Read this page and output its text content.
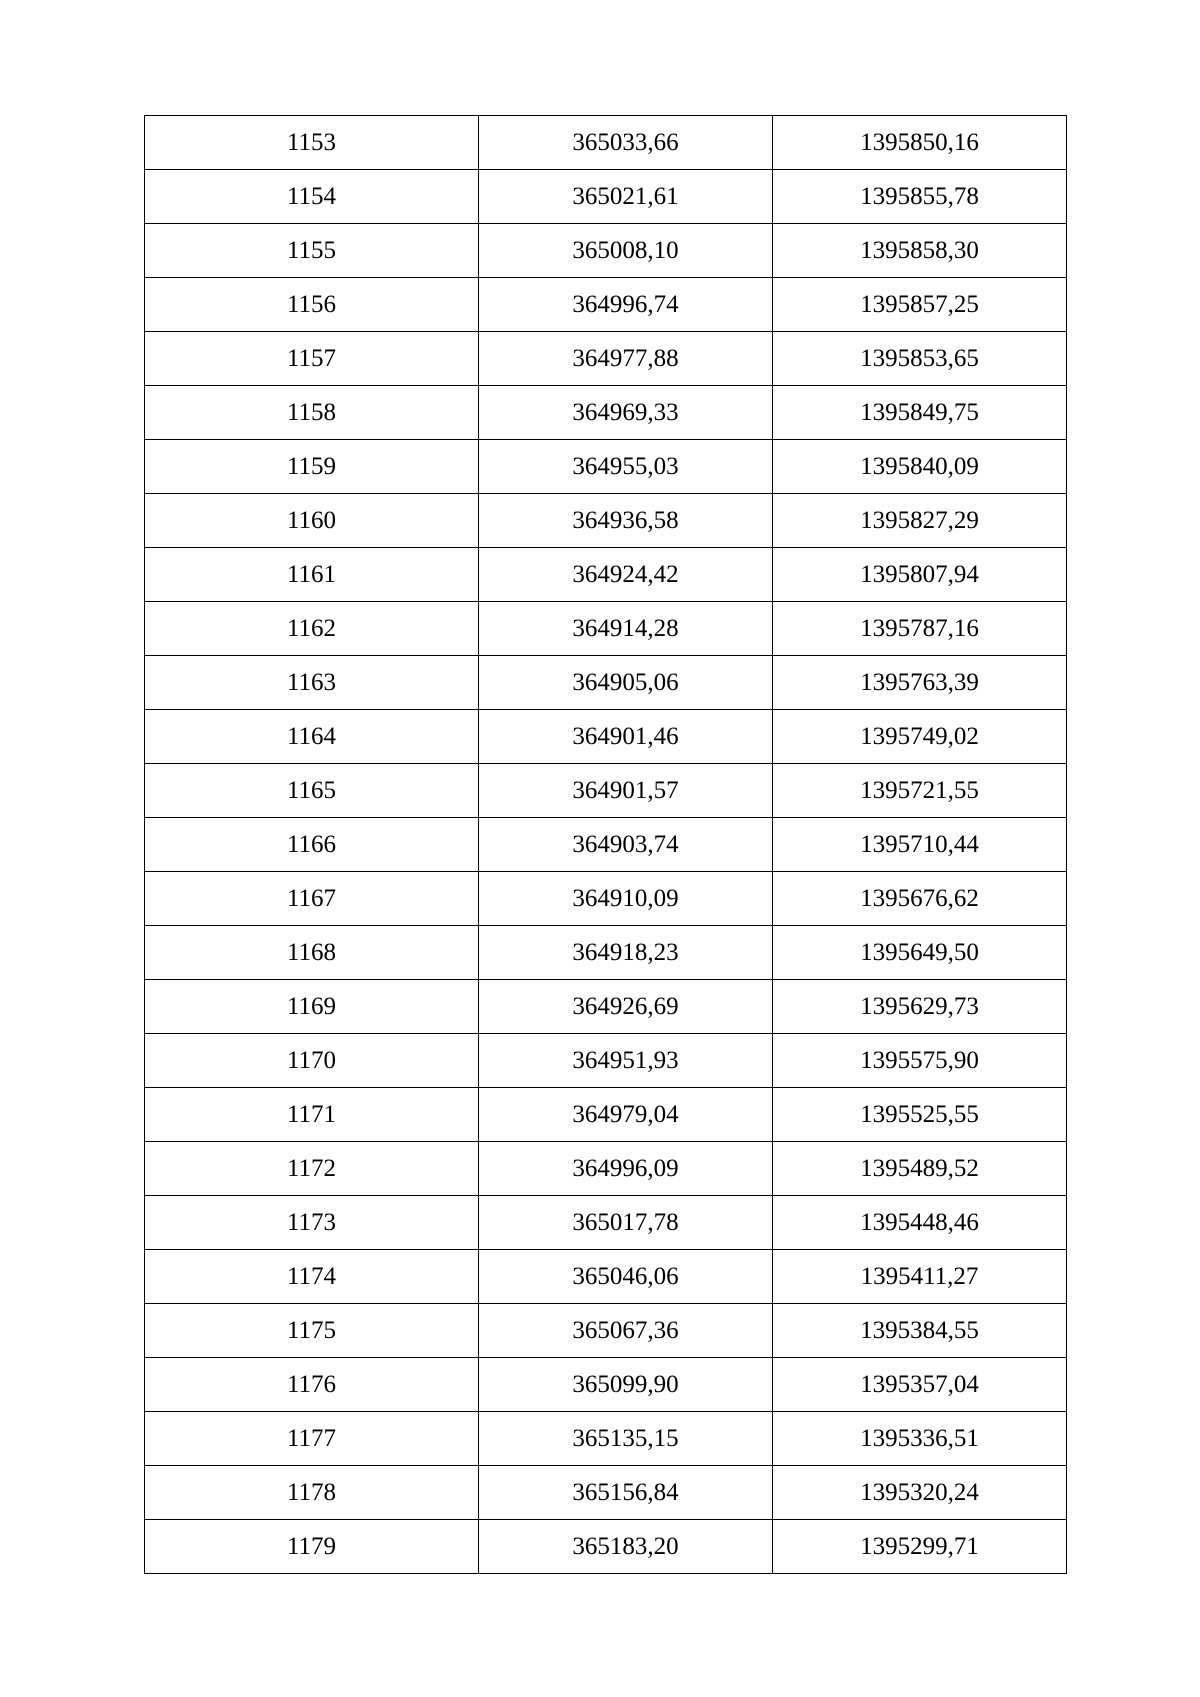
1153	365033,66	1395850,16
1154	365021,61	1395855,78
1155	365008,10	1395858,30
1156	364996,74	1395857,25
1157	364977,88	1395853,65
1158	364969,33	1395849,75
1159	364955,03	1395840,09
1160	364936,58	1395827,29
1161	364924,42	1395807,94
1162	364914,28	1395787,16
1163	364905,06	1395763,39
1164	364901,46	1395749,02
1165	364901,57	1395721,55
1166	364903,74	1395710,44
1167	364910,09	1395676,62
1168	364918,23	1395649,50
1169	364926,69	1395629,73
1170	364951,93	1395575,90
1171	364979,04	1395525,55
1172	364996,09	1395489,52
1173	365017,78	1395448,46
1174	365046,06	1395411,27
1175	365067,36	1395384,55
1176	365099,90	1395357,04
1177	365135,15	1395336,51
1178	365156,84	1395320,24
1179	365183,20	1395299,71
